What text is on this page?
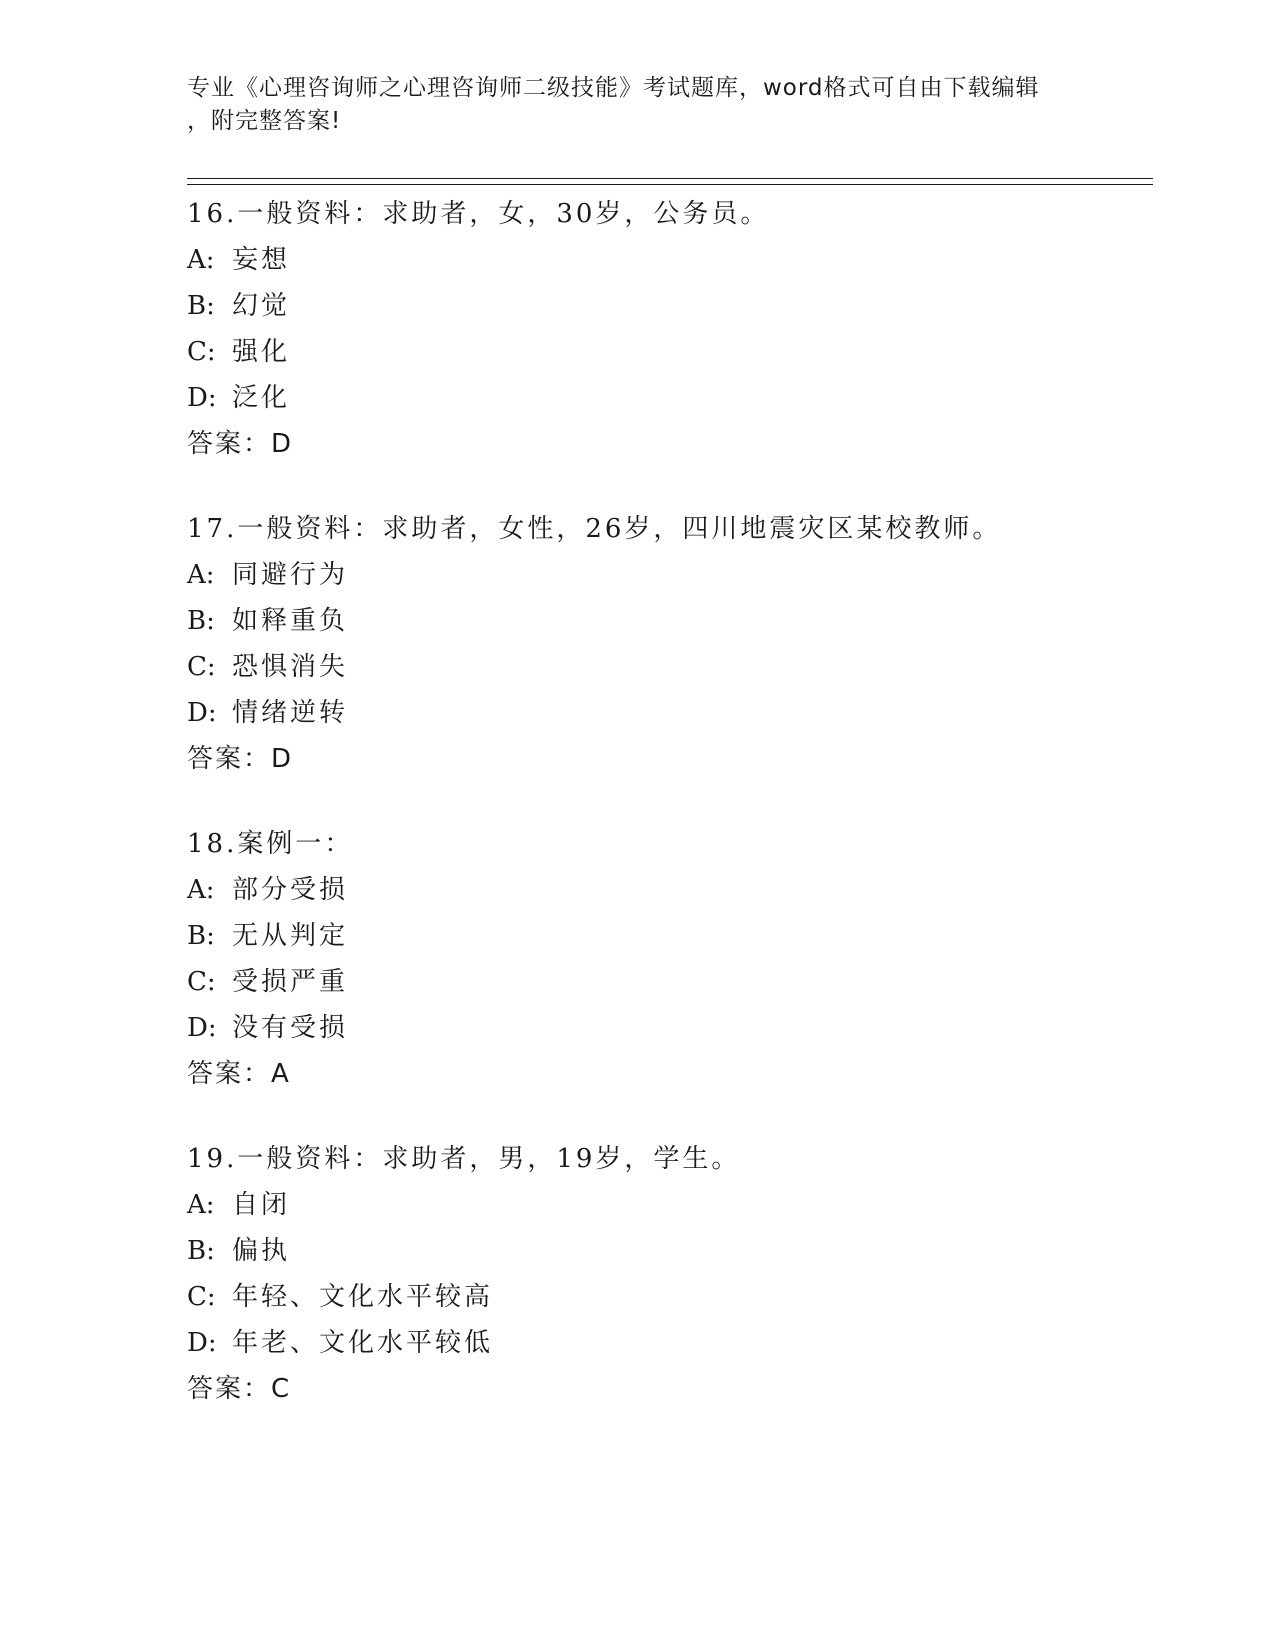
专业《心理咨询师之心理咨询师二级技能》考试题库，word格式可自由下载编辑
，附完整答案!
16.一般资料：求助者，女，30岁，公务员。
A: 妄想
B: 幻觉
C: 强化
D: 泛化
答案：D
17.一般资料：求助者，女性，26岁，四川地震灾区某校教师。
A: 同避行为
B: 如释重负
C: 恐惧消失
D: 情绪逆转
答案：D
18.案例一：
A: 部分受损
B: 无从判定
C: 受损严重
D: 没有受损
答案：A
19.一般资料：求助者，男，19岁，学生。
A: 自闭
B: 偏执
C: 年轻、文化水平较高
D: 年老、文化水平较低
答案：C
